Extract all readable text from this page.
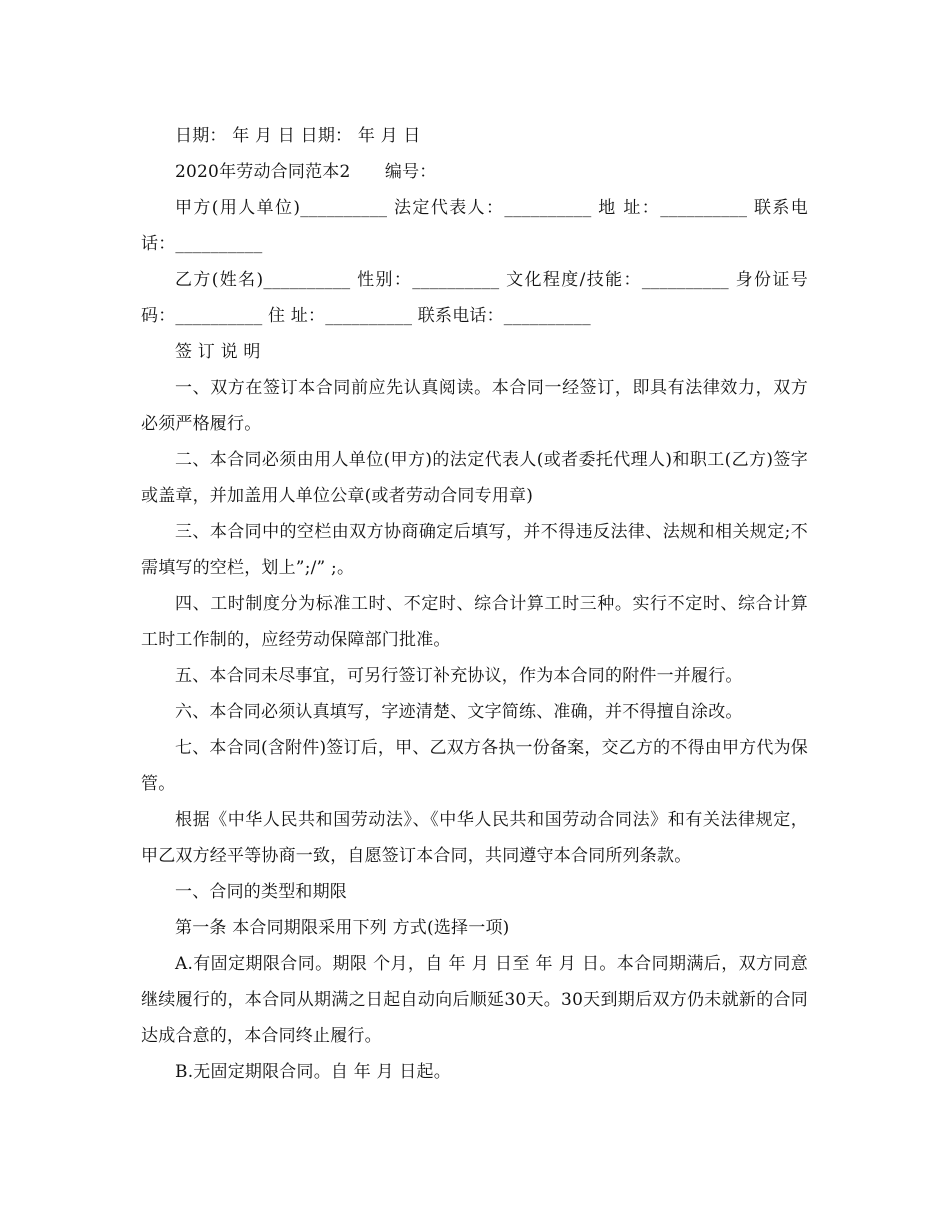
日期： 年 月 日 日期： 年 月 日

2020年劳动合同范本2　　编号：

甲方(用人单位)__________ 法定代表人：__________ 地 址：__________ 联系电话：__________

乙方(姓名)__________ 性别：__________ 文化程度/技能：__________ 身份证号码：__________ 住 址：__________ 联系电话：__________

签 订 说 明

一、双方在签订本合同前应先认真阅读。本合同一经签订，即具有法律效力，双方必须严格履行。

二、本合同必须由用人单位(甲方)的法定代表人(或者委托代理人)和职工(乙方)签字或盖章，并加盖用人单位公章(或者劳动合同专用章)

三、本合同中的空栏由双方协商确定后填写，并不得违反法律、法规和相关规定;不需填写的空栏，划上”;/” ;。

四、工时制度分为标准工时、不定时、综合计算工时三种。实行不定时、综合计算工时工作制的，应经劳动保障部门批准。

五、本合同未尽事宜，可另行签订补充协议，作为本合同的附件一并履行。

六、本合同必须认真填写，字迹清楚、文字简练、准确，并不得擅自涂改。

七、本合同(含附件)签订后，甲、乙双方各执一份备案，交乙方的不得由甲方代为保管。

根据《中华人民共和国劳动法》、《中华人民共和国劳动合同法》和有关法律规定，甲乙双方经平等协商一致，自愿签订本合同，共同遵守本合同所列条款。

一、合同的类型和期限

第一条 本合同期限采用下列 方式(选择一项)

A.有固定期限合同。期限 个月，自 年 月 日至 年 月 日。本合同期满后，双方同意继续履行的，本合同从期满之日起自动向后顺延30天。30天到期后双方仍未就新的合同达成合意的，本合同终止履行。

B.无固定期限合同。自 年 月 日起。
